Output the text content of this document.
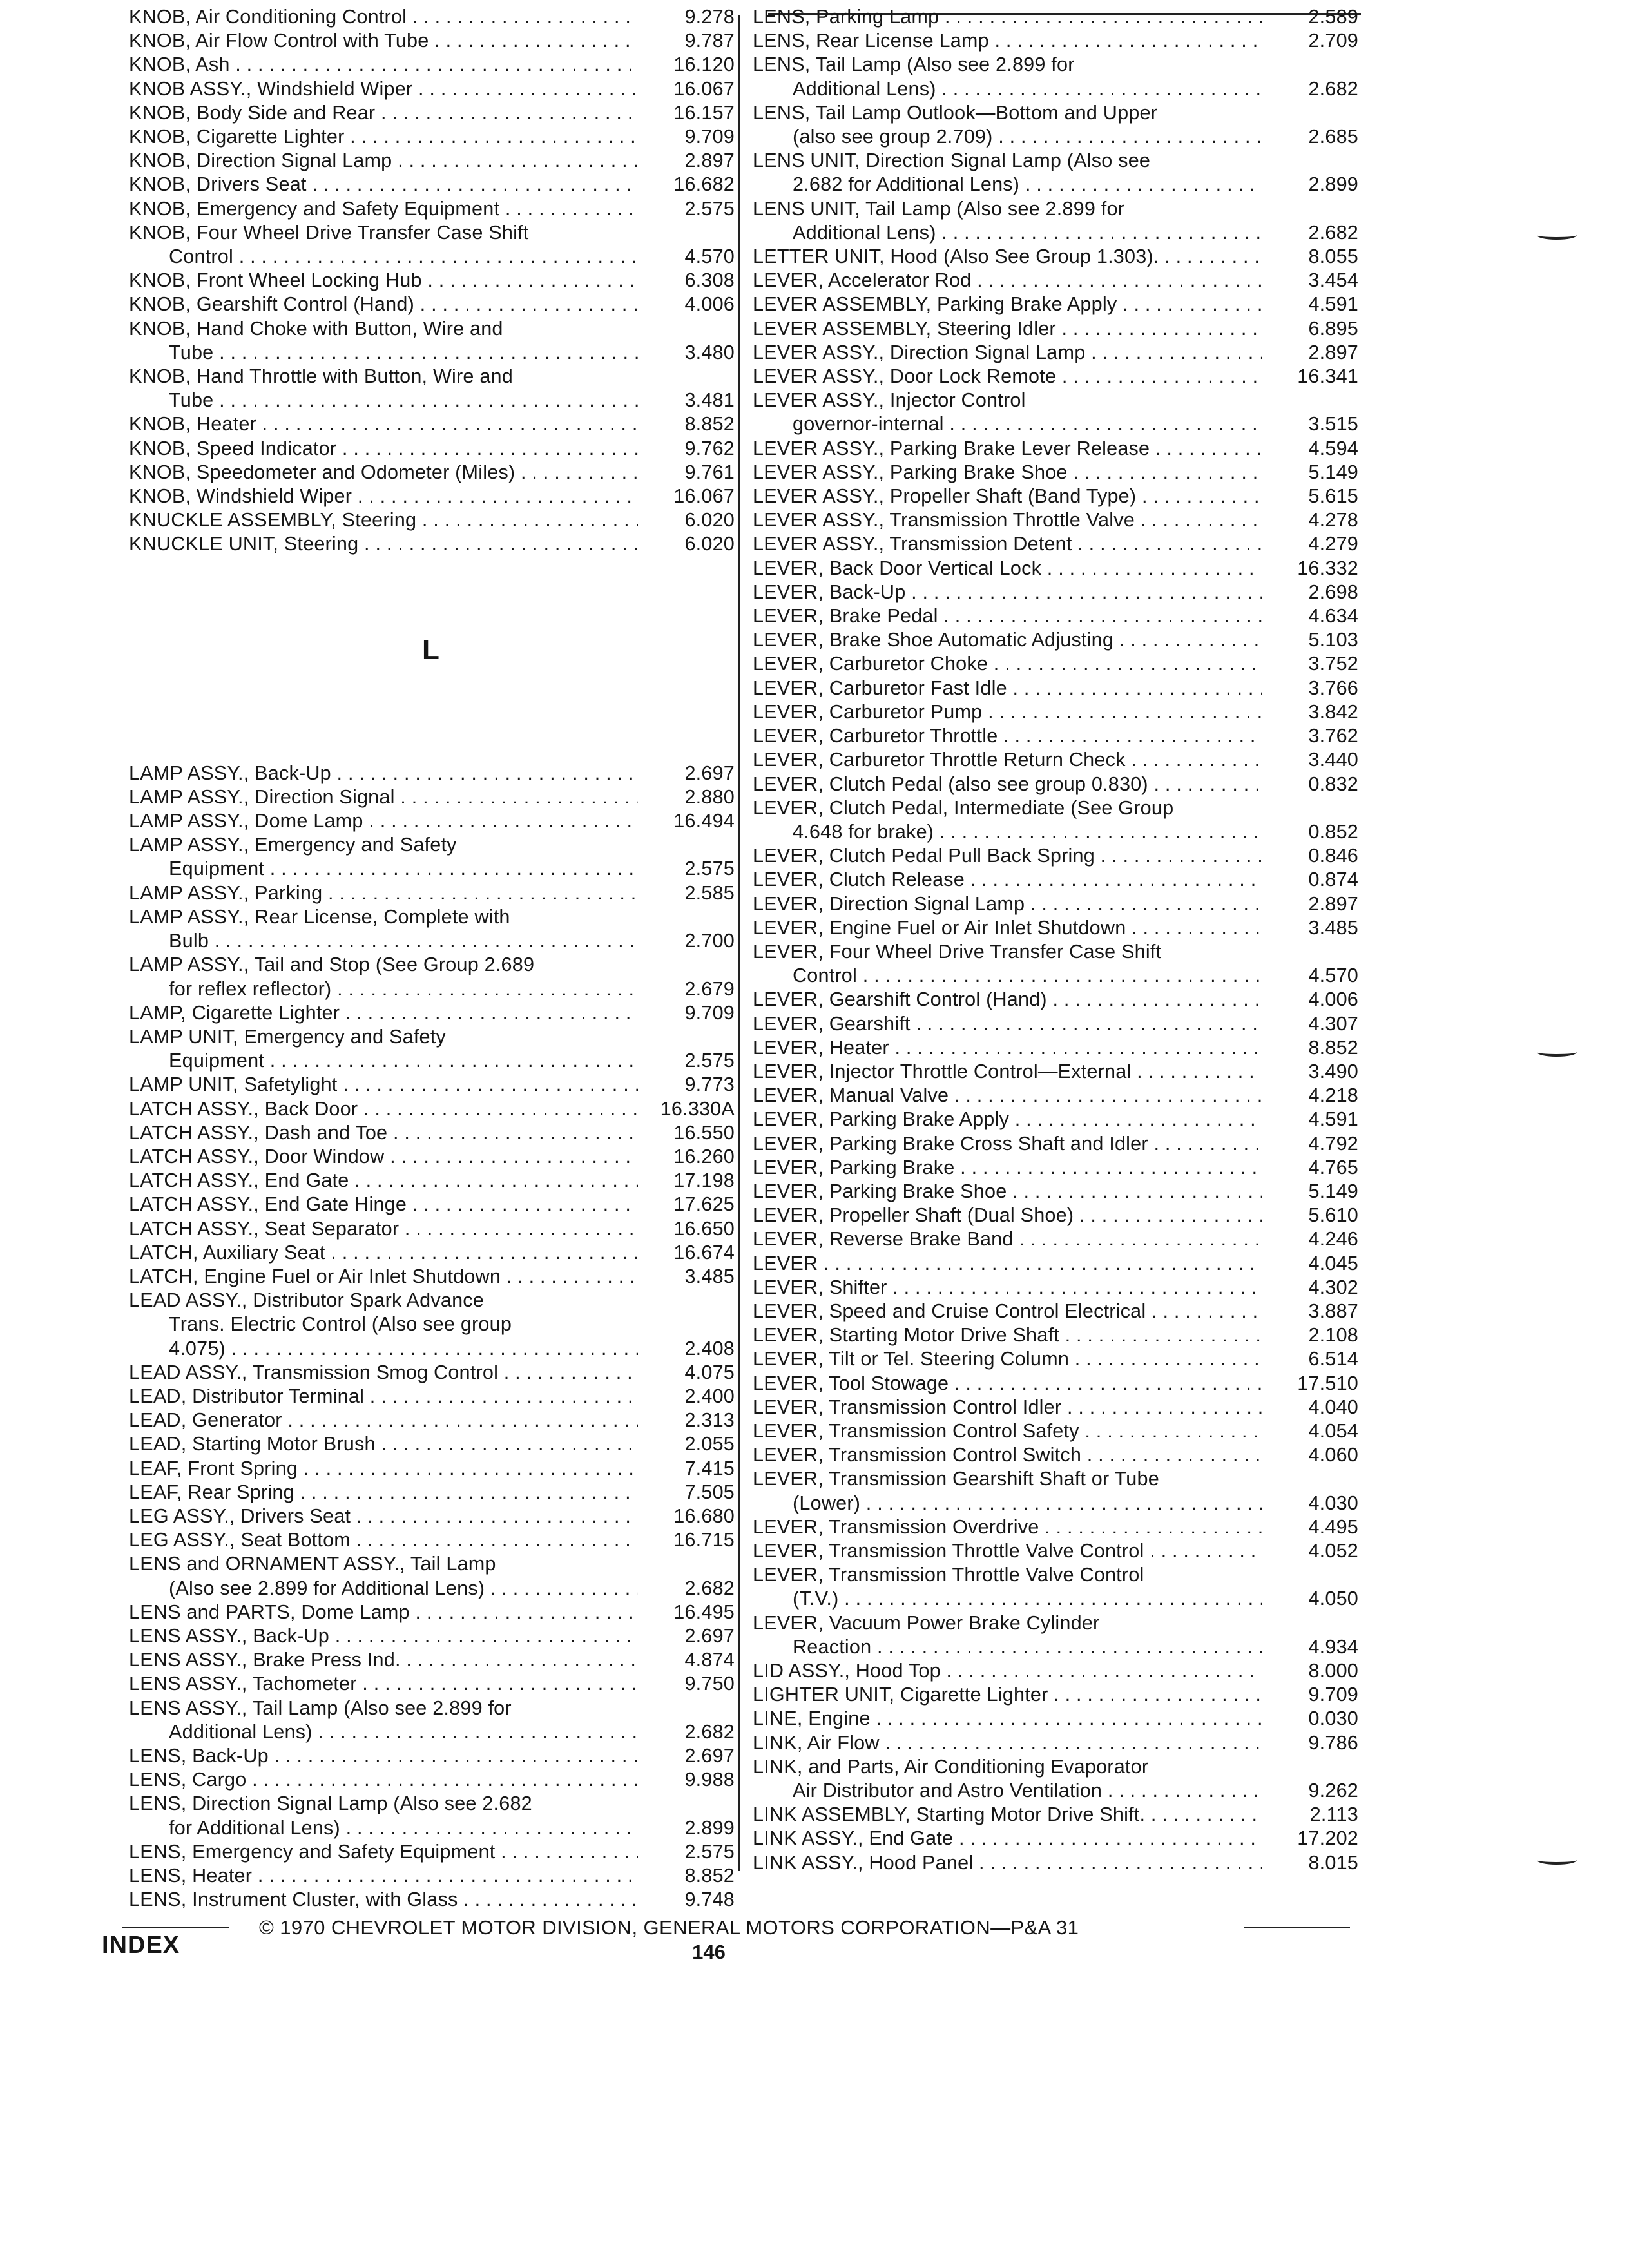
KNOB, Air Conditioning Control . . .	9.278
KNOB, Air Flow Control with Tube . . .	9.787
KNOB, Ash . . .	16.120
KNOB ASSY., Windshield Wiper . . .	16.067
KNOB, Body Side and Rear . . .	16.157
KNOB, Cigarette Lighter . . .	9.709
KNOB, Direction Signal Lamp . . .	2.897
KNOB, Drivers Seat . . .	16.682
KNOB, Emergency and Safety Equipment . . .	2.575
KNOB, Four Wheel Drive Transfer Case Shift
Control . . .	4.570
KNOB, Front Wheel Locking Hub . . .	6.308
KNOB, Gearshift Control (Hand) . . .	4.006
KNOB, Hand Choke with Button, Wire and
Tube . . .	3.480
KNOB, Hand Throttle with Button, Wire and
Tube . . .	3.481
KNOB, Heater . . .	8.852
KNOB, Speed Indicator . . .	9.762
KNOB, Speedometer and Odometer (Miles) . . .	9.761
KNOB, Windshield Wiper . . .	16.067
KNUCKLE ASSEMBLY, Steering . . .	6.020
KNUCKLE UNIT, Steering . . .	6.020
L
LAMP ASSY., Back-Up . . .	2.697
LAMP ASSY., Direction Signal . . .	2.880
LAMP ASSY., Dome Lamp . . .	16.494
LAMP ASSY., Emergency and Safety
Equipment . . .	2.575
LAMP ASSY., Parking . . .	2.585
LAMP ASSY., Rear License, Complete with
Bulb . . .	2.700
LAMP ASSY., Tail and Stop (See Group 2.689
for reflex reflector) . . .	2.679
LAMP, Cigarette Lighter . . .	9.709
LAMP UNIT, Emergency and Safety
Equipment . . .	2.575
LAMP UNIT, Safetylight . . .	9.773
LATCH ASSY., Back Door . . .	16.330A
LATCH ASSY., Dash and Toe . . .	16.550
LATCH ASSY., Door Window . . .	16.260
LATCH ASSY., End Gate . . .	17.198
LATCH ASSY., End Gate Hinge . . .	17.625
LATCH ASSY., Seat Separator . . .	16.650
LATCH, Auxiliary Seat . . .	16.674
LATCH, Engine Fuel or Air Inlet Shutdown . . .	3.485
LEAD ASSY., Distributor Spark Advance
Trans. Electric Control (Also see group
4.075) . . .	2.408
LEAD ASSY., Transmission Smog Control . . .	4.075
LEAD, Distributor Terminal . . .	2.400
LEAD, Generator . . .	2.313
LEAD, Starting Motor Brush . . .	2.055
LEAF, Front Spring . . .	7.415
LEAF, Rear Spring . . .	7.505
LEG ASSY., Drivers Seat . . .	16.680
LEG ASSY., Seat Bottom . . .	16.715
LENS and ORNAMENT ASSY., Tail Lamp
(Also see 2.899 for Additional Lens) . . .	2.682
LENS and PARTS, Dome Lamp . . .	16.495
LENS ASSY., Back-Up . . .	2.697
LENS ASSY., Brake Press Ind. . . .	4.874
LENS ASSY., Tachometer . . .	9.750
LENS ASSY., Tail Lamp (Also see 2.899 for
Additional Lens) . . .	2.682
LENS, Back-Up . . .	2.697
LENS, Cargo . . .	9.988
LENS, Direction Signal Lamp (Also see 2.682
for Additional Lens) . . .	2.899
LENS, Emergency and Safety Equipment . . .	2.575
LENS, Heater . . .	8.852
LENS, Instrument Cluster, with Glass . . .	9.748
LENS, Parking Lamp . . .	2.589
LENS, Rear License Lamp . . .	2.709
LENS, Tail Lamp (Also see 2.899 for
Additional Lens) . . .	2.682
LENS, Tail Lamp Outlook—Bottom and Upper
(also see group 2.709) . . .	2.685
LENS UNIT, Direction Signal Lamp (Also see
2.682 for Additional Lens) . . .	2.899
LENS UNIT, Tail Lamp (Also see 2.899 for
Additional Lens) . . .	2.682
LETTER UNIT, Hood (Also See Group 1.303). . . .	8.055
LEVER, Accelerator Rod . . .	3.454
LEVER ASSEMBLY, Parking Brake Apply . . .	4.591
LEVER ASSEMBLY, Steering Idler . . .	6.895
LEVER ASSY., Direction Signal Lamp . . .	2.897
LEVER ASSY., Door Lock Remote . . .	16.341
LEVER ASSY., Injector Control
governor-internal . . .	3.515
LEVER ASSY., Parking Brake Lever Release . . .	4.594
LEVER ASSY., Parking Brake Shoe . . .	5.149
LEVER ASSY., Propeller Shaft (Band Type) . . .	5.615
LEVER ASSY., Transmission Throttle Valve . . .	4.278
LEVER ASSY., Transmission Detent . . .	4.279
LEVER, Back Door Vertical Lock . . .	16.332
LEVER, Back-Up . . .	2.698
LEVER, Brake Pedal . . .	4.634
LEVER, Brake Shoe Automatic Adjusting . . .	5.103
LEVER, Carburetor Choke . . .	3.752
LEVER, Carburetor Fast Idle . . .	3.766
LEVER, Carburetor Pump . . .	3.842
LEVER, Carburetor Throttle . . .	3.762
LEVER, Carburetor Throttle Return Check . . .	3.440
LEVER, Clutch Pedal (also see group 0.830) . . .	0.832
LEVER, Clutch Pedal, Intermediate (See Group
4.648 for brake) . . .	0.852
LEVER, Clutch Pedal Pull Back Spring . . .	0.846
LEVER, Clutch Release . . .	0.874
LEVER, Direction Signal Lamp . . .	2.897
LEVER, Engine Fuel or Air Inlet Shutdown . . .	3.485
LEVER, Four Wheel Drive Transfer Case Shift
Control . . .	4.570
LEVER, Gearshift Control (Hand) . . .	4.006
LEVER, Gearshift . . .	4.307
LEVER, Heater . . .	8.852
LEVER, Injector Throttle Control—External . . .	3.490
LEVER, Manual Valve . . .	4.218
LEVER, Parking Brake Apply . . .	4.591
LEVER, Parking Brake Cross Shaft and Idler . . .	4.792
LEVER, Parking Brake . . .	4.765
LEVER, Parking Brake Shoe . . .	5.149
LEVER, Propeller Shaft (Dual Shoe) . . .	5.610
LEVER, Reverse Brake Band . . .	4.246
LEVER . . .	4.045
LEVER, Shifter . . .	4.302
LEVER, Speed and Cruise Control Electrical . . .	3.887
LEVER, Starting Motor Drive Shaft . . .	2.108
LEVER, Tilt or Tel. Steering Column . . .	6.514
LEVER, Tool Stowage . . .	17.510
LEVER, Transmission Control Idler . . .	4.040
LEVER, Transmission Control Safety . . .	4.054
LEVER, Transmission Control Switch . . .	4.060
LEVER, Transmission Gearshift Shaft or Tube
(Lower) . . .	4.030
LEVER, Transmission Overdrive . . .	4.495
LEVER, Transmission Throttle Valve Control . . .	4.052
LEVER, Transmission Throttle Valve Control
(T.V.) . . .	4.050
LEVER, Vacuum Power Brake Cylinder
Reaction . . .	4.934
LID ASSY., Hood Top . . .	8.000
LIGHTER UNIT, Cigarette Lighter . . .	9.709
LINE, Engine . . .	0.030
LINK, Air Flow . . .	9.786
LINK, and Parts, Air Conditioning Evaporator
Air Distributor and Astro Ventilation . . .	9.262
LINK ASSEMBLY, Starting Motor Drive Shift. . . .	2.113
LINK ASSY., End Gate . . .	17.202
LINK ASSY., Hood Panel . . .	8.015
INDEX
© 1970 CHEVROLET MOTOR DIVISION, GENERAL MOTORS CORPORATION—P&A 31
146
